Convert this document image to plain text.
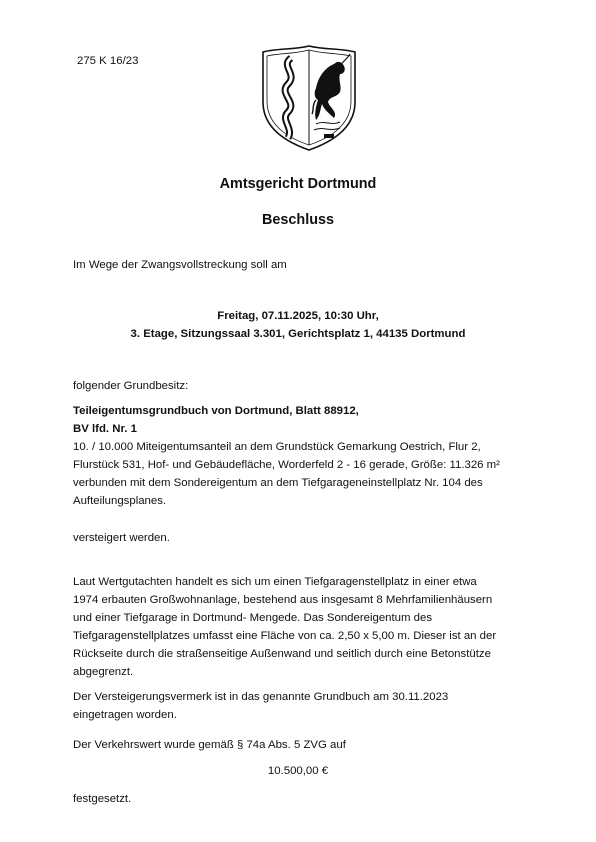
275 K 16/23
Amtsgericht Dortmund
Beschluss
Im Wege der Zwangsvollstreckung soll am
Freitag, 07.11.2025, 10:30 Uhr,
3. Etage, Sitzungssaal 3.301, Gerichtsplatz 1, 44135 Dortmund
folgender Grundbesitz:
Teileigentumsgrundbuch von Dortmund, Blatt 88912,
BV lfd. Nr. 1

10. / 10.000 Miteigentumsanteil an dem Grundstück Gemarkung Oestrich, Flur 2,

Flurstück 531, Hof- und Gebäudefläche, Worderfeld 2 - 16 gerade, Größe: 11.326 m²

verbunden mit dem Sondereigentum an dem Tiefgarageneinstellplatz Nr. 104 des

Aufteilungsplanes.

versteigert werden.

Laut Wertgutachten handelt es sich um einen Tiefgaragenstellplatz in einer etwa

1974 erbauten Großwohnanlage, bestehend aus insgesamt 8 Mehrfamilienhäusern

und einer Tiefgarage in Dortmund- Mengede. Das Sondereigentum des

Tiefgaragenstellplatzes umfasst eine Fläche von ca. 2,50 x 5,00 m. Dieser ist an der

Rückseite durch die straßenseitige Außenwand und seitlich durch eine Betonstütze

abgegrenzt.

Der Versteigerungsvermerk ist in das genannte Grundbuch am 30.11.2023

eingetragen worden.

Der Verkehrswert wurde gemäß § 74a Abs. 5 ZVG auf
10.500,00 €
festgesetzt.
